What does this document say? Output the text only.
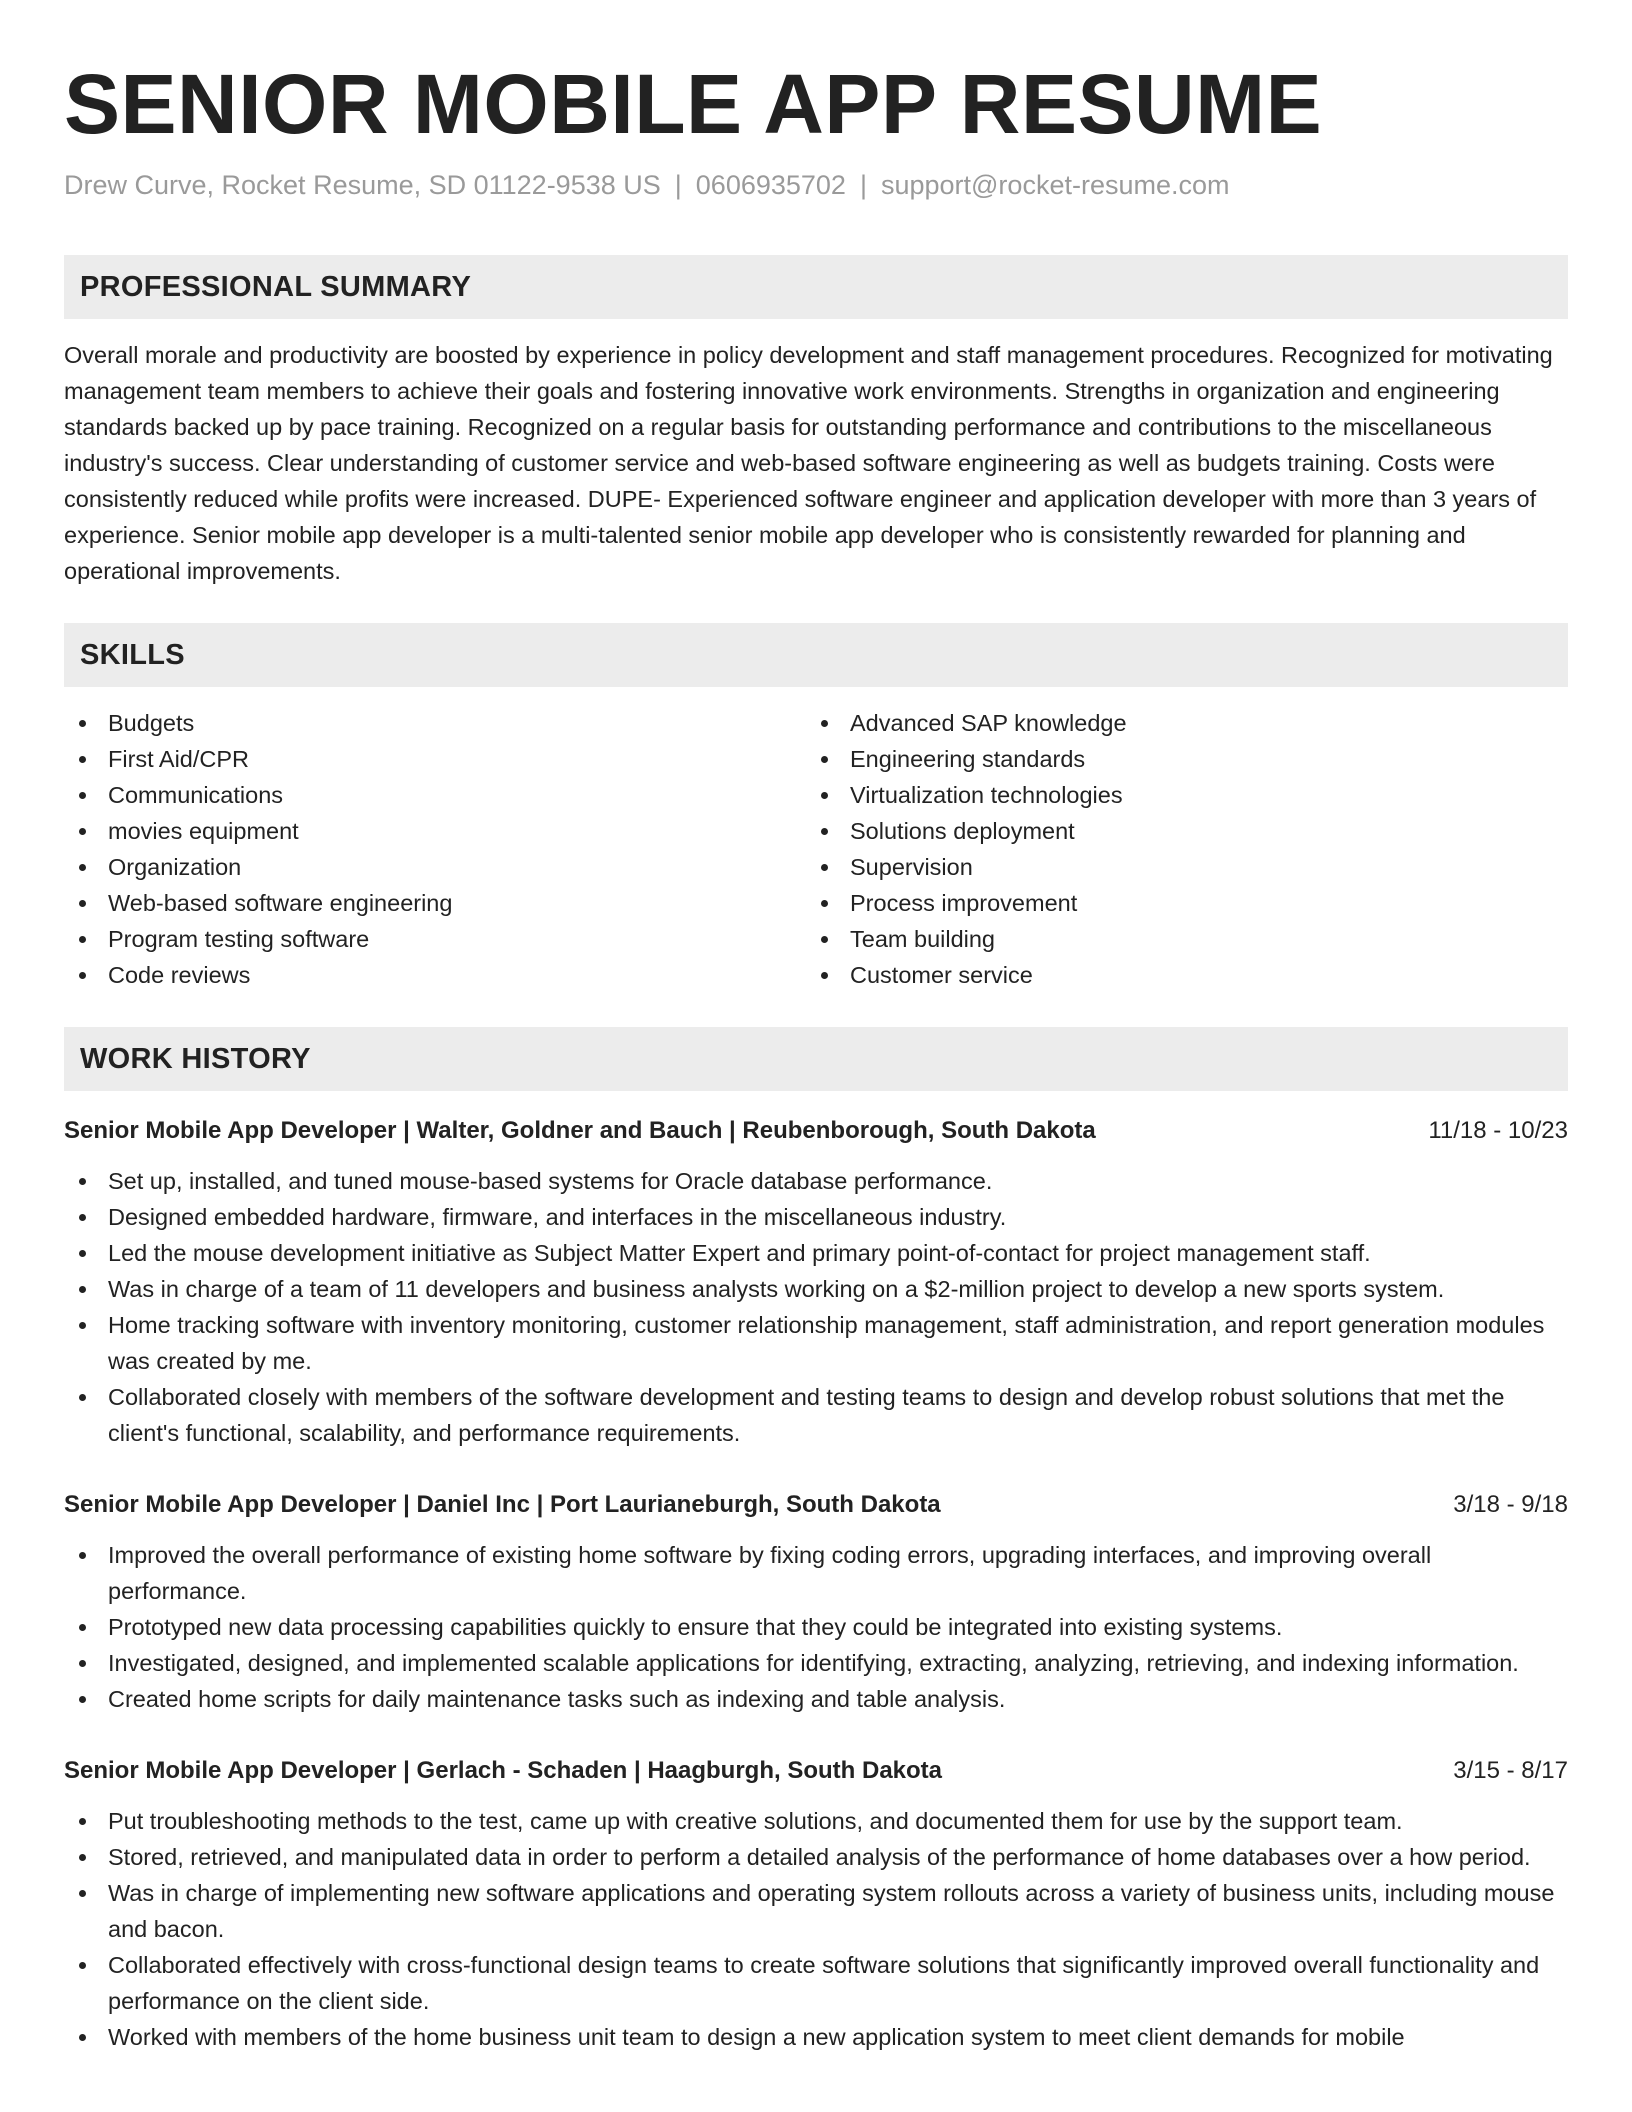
SENIOR MOBILE APP RESUME
Drew Curve, Rocket Resume, SD 01122-9538 US | 0606935702 | support@rocket-resume.com
PROFESSIONAL SUMMARY

Overall morale and productivity are boosted by experience in policy development and staff management procedures. Recognized for motivating management team members to achieve their goals and fostering innovative work environments. Strengths in organization and engineering standards backed up by pace training. Recognized on a regular basis for outstanding performance and contributions to the miscellaneous industry's success. Clear understanding of customer service and web-based software engineering as well as budgets training. Costs were consistently reduced while profits were increased. DUPE- Experienced software engineer and application developer with more than 3 years of experience. Senior mobile app developer is a multi-talented senior mobile app developer who is consistently rewarded for planning and operational improvements.

SKILLS
Budgets
First Aid/CPR
Communications
movies equipment
Organization
Web-based software engineering
Program testing software
Code reviews
Advanced SAP knowledge
Engineering standards
Virtualization technologies
Solutions deployment
Supervision
Process improvement
Team building
Customer service
WORK HISTORY
Senior Mobile App Developer | Walter, Goldner and Bauch | Reubenborough, South Dakota	11/18 - 10/23
Set up, installed, and tuned mouse-based systems for Oracle database performance.
Designed embedded hardware, firmware, and interfaces in the miscellaneous industry.
Led the mouse development initiative as Subject Matter Expert and primary point-of-contact for project management staff.
Was in charge of a team of 11 developers and business analysts working on a $2-million project to develop a new sports system.
Home tracking software with inventory monitoring, customer relationship management, staff administration, and report generation modules was created by me.
Collaborated closely with members of the software development and testing teams to design and develop robust solutions that met the client's functional, scalability, and performance requirements.
Senior Mobile App Developer | Daniel Inc | Port Laurianeburgh, South Dakota	3/18 - 9/18
Improved the overall performance of existing home software by fixing coding errors, upgrading interfaces, and improving overall performance.
Prototyped new data processing capabilities quickly to ensure that they could be integrated into existing systems.
Investigated, designed, and implemented scalable applications for identifying, extracting, analyzing, retrieving, and indexing information.
Created home scripts for daily maintenance tasks such as indexing and table analysis.
Senior Mobile App Developer | Gerlach - Schaden | Haagburgh, South Dakota	3/15 - 8/17
Put troubleshooting methods to the test, came up with creative solutions, and documented them for use by the support team.
Stored, retrieved, and manipulated data in order to perform a detailed analysis of the performance of home databases over a how period.
Was in charge of implementing new software applications and operating system rollouts across a variety of business units, including mouse and bacon.
Collaborated effectively with cross-functional design teams to create software solutions that significantly improved overall functionality and performance on the client side.
Worked with members of the home business unit team to design a new application system to meet client demands for mobile
